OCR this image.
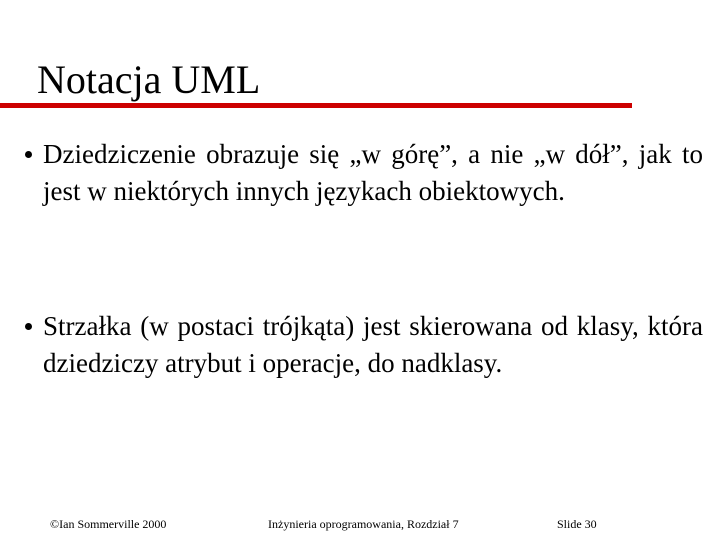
Notacja UML
Dziedziczenie obrazuje się „w górę”, a nie „w dół”, jak to jest w niektórych innych językach obiektowych.
Strzałka (w postaci trójkąta) jest skierowana od klasy, która dziedziczy atrybut i operacje, do nadklasy.
©Ian Sommerville 2000	Inżynieria oprogramowania, Rozdział 7	Slide 30
